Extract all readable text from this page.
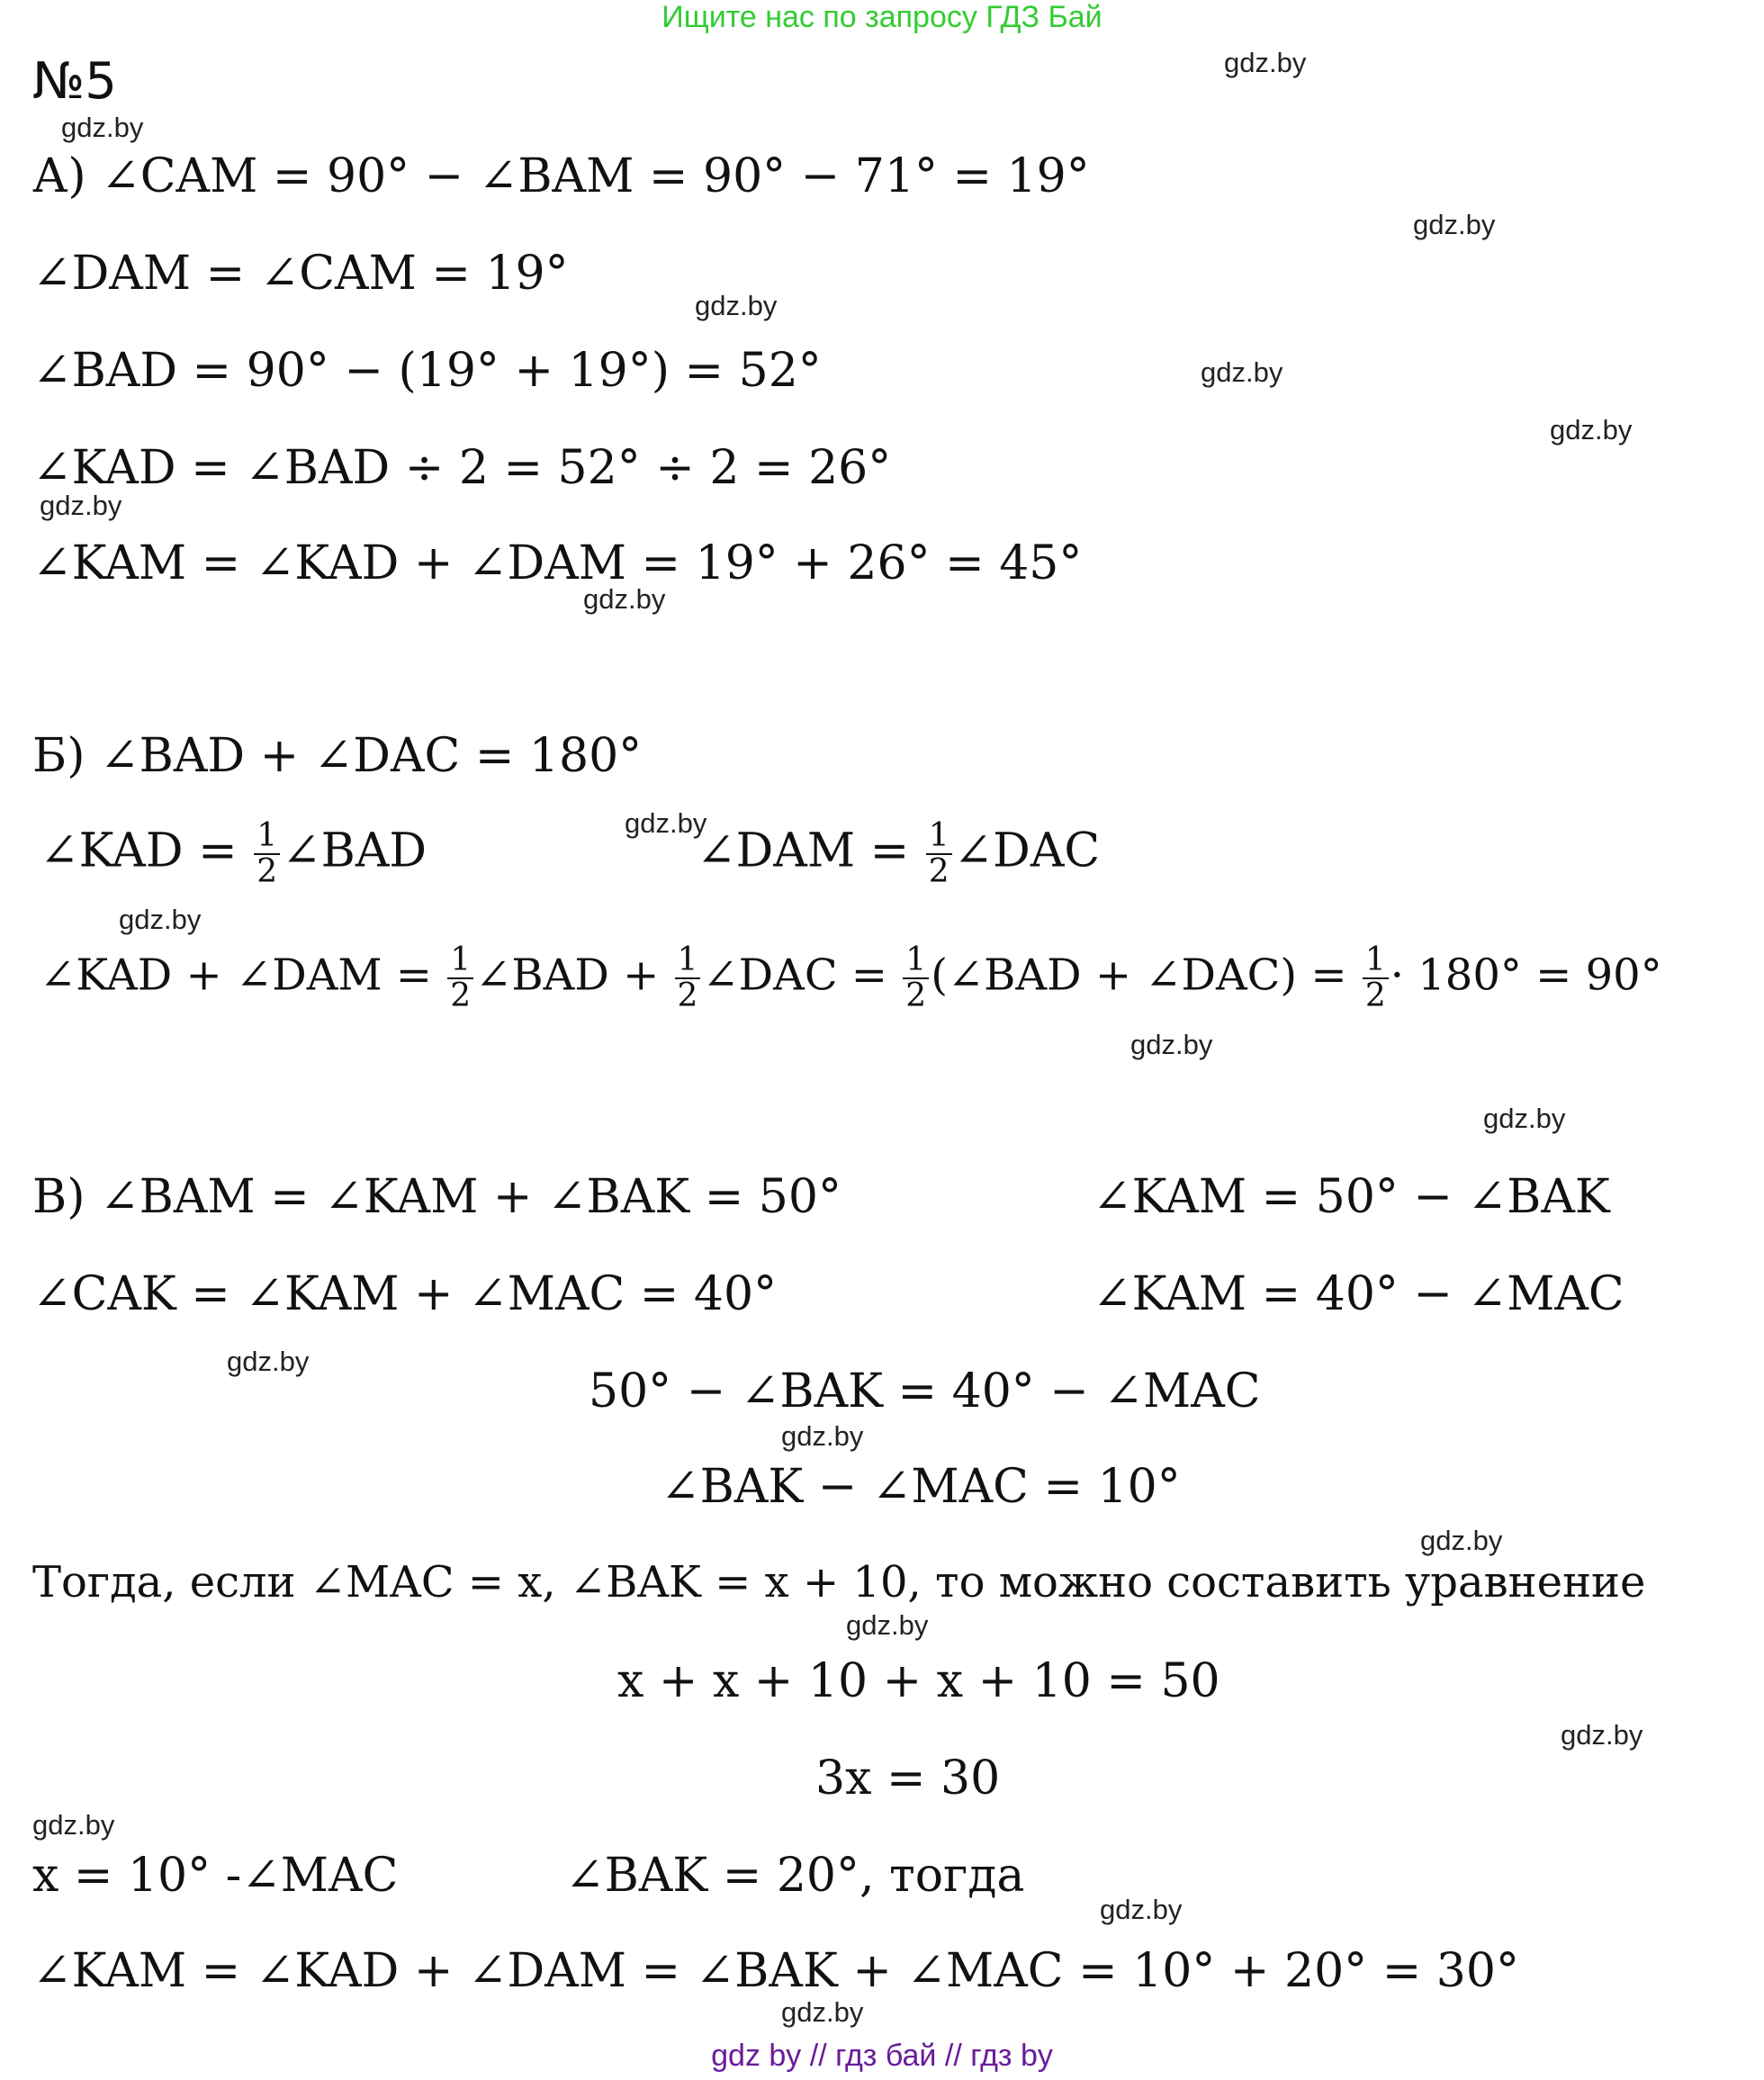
Ищите нас по запросу ГДЗ Бай
№5	gdz.by
gdz.by
gdz.by
gdz.by
gdz.by
gdz.by
gdz.by
gdz.by
gdz.by
gdz.by
gdz.by
gdz.by
gdz.by
gdz.by
gdz.by
gdz.by
gdz.by
gdz.by
gdz.by
gdz.by
А) ∠CAM = 90° − ∠BAM = 90° − 71° = 19°
∠DAM = ∠CAM = 19°
∠BAD = 90° − (19° + 19°) = 52°
∠KAD = ∠BAD ÷ 2 = 52° ÷ 2 = 26°
∠KAM = ∠KAD + ∠DAM = 19° + 26° = 45°
Б) ∠BAD + ∠DAC = 180°
∠KAD = $\frac{1}{2}$ ∠BAD	∠DAM = $\frac{1}{2}$ ∠DAC
∠KAD + ∠DAM = $\frac{1}{2}$ ∠BAD + $\frac{1}{2}$ ∠DAC = $\frac{1}{2}$ (∠BAD + ∠DAC) = $\frac{1}{2} \cdot 180^\circ = 90^\circ$
В) ∠BAM = ∠KAM + ∠BAK = 50°	∠KAM = 50° − ∠BAK
∠CAK = ∠KAM + ∠MAC = 40°	∠KAM = 40° − ∠MAC
50° − ∠BAK = 40° − ∠MAC
∠BAK − ∠MAC = 10°
Тогда, если ∠MAC = x, ∠BAK = x + 10, то можно составить уравнение
x + x + 10 + x + 10 = 50
3x = 30
x = 10° -∠MAC	∠BAK = 20°, тогда
∠KAM = ∠KAD + ∠DAM = ∠BAK + ∠MAC = 10° + 20° = 30°
gdz by // гдз бай // гдз by
